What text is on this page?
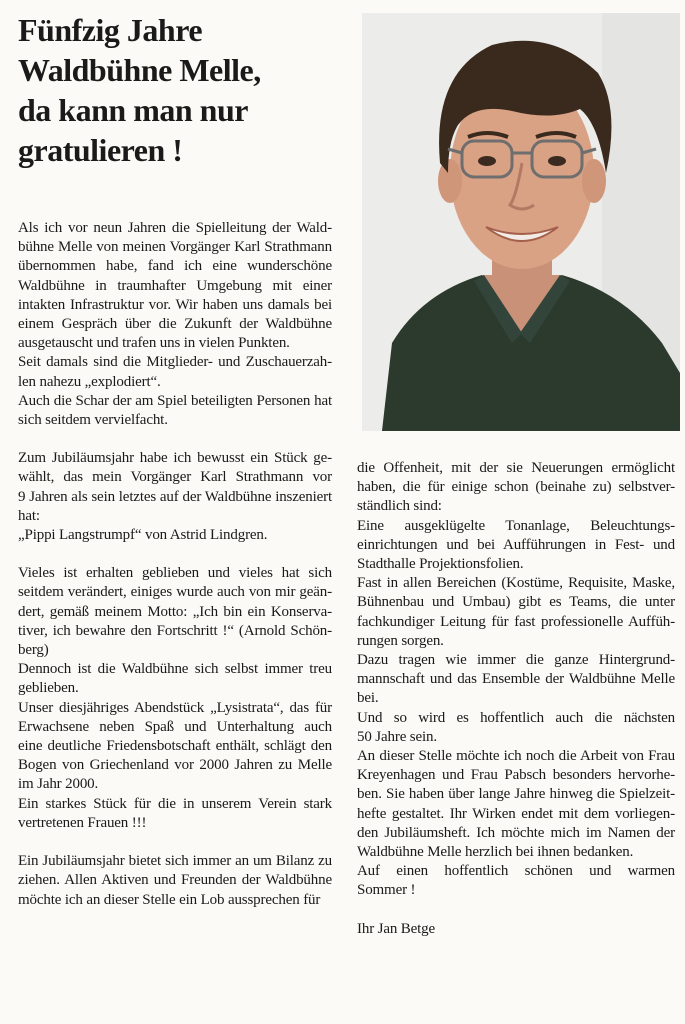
Fünfzig Jahre
Waldbühne Melle,
da kann man nur
gratulieren !

Als ich vor neun Jahren die Spielleitung der Wald-
bühne Melle von meinen Vorgänger Karl Strathmann
übernommen habe, fand ich eine wunderschöne
Waldbühne in traumhafter Umgebung mit einer
intakten Infrastruktur vor. Wir haben uns damals bei
einem Gespräch über die Zukunft der Waldbühne
ausgetauscht und trafen uns in vielen Punkten.

Seit damals sind die Mitglieder- und Zuschauerzah-
len nahezu „explodiert“.

Auch die Schar der am Spiel beteiligten Personen hat
sich seitdem vervielfacht.

Zum Jubiläumsjahr habe ich bewusst ein Stück ge-
wählt, das mein Vorgänger Karl Strathmann vor
9 Jahren als sein letztes auf der Waldbühne inszeniert
hat:

„Pippi Langstrumpf“ von Astrid Lindgren.

Vieles ist erhalten geblieben und vieles hat sich
seitdem verändert, einiges wurde auch von mir geän-
dert, gemäß meinem Motto: „Ich bin ein Konserva-
tiver, ich bewahre den Fortschritt !“ (Arnold Schön-
berg)

Dennoch ist die Waldbühne sich selbst immer treu
geblieben.

Unser diesjähriges Abendstück „Lysistrata“, das für
Erwachsene neben Spaß und Unterhaltung auch
eine deutliche Friedensbotschaft enthält, schlägt den
Bogen von Griechenland vor 2000 Jahren zu Melle
im Jahr 2000.

Ein starkes Stück für die in unserem Verein stark
vertretenen Frauen !!!

Ein Jubiläumsjahr bietet sich immer an um Bilanz zu
ziehen. Allen Aktiven und Freunden der Waldbühne
möchte ich an dieser Stelle ein Lob aussprechen für

die Offenheit, mit der sie Neuerungen ermöglicht
haben, die für einige schon (beinahe zu) selbstver-
ständlich sind:

Eine ausgeklügelte Tonanlage, Beleuchtungs-
einrichtungen und bei Aufführungen in Fest- und
Stadthalle Projektionsfolien.

Fast in allen Bereichen (Kostüme, Requisite, Maske,
Bühnenbau und Umbau) gibt es Teams, die unter
fachkundiger Leitung für fast professionelle Auffüh-
rungen sorgen.

Dazu tragen wie immer die ganze Hintergrund-
mannschaft und das Ensemble der Waldbühne Melle
bei.

Und so wird es hoffentlich auch die nächsten
50 Jahre sein.

An dieser Stelle möchte ich noch die Arbeit von Frau
Kreyenhagen und Frau Pabsch besonders hervorhe-
ben. Sie haben über lange Jahre hinweg die Spielzeit-
hefte gestaltet. Ihr Wirken endet mit dem vorliegen-
den Jubiläumsheft. Ich möchte mich im Namen der
Waldbühne Melle herzlich bei ihnen bedanken.

Auf einen hoffentlich schönen und warmen
Sommer !

Ihr Jan Betge
